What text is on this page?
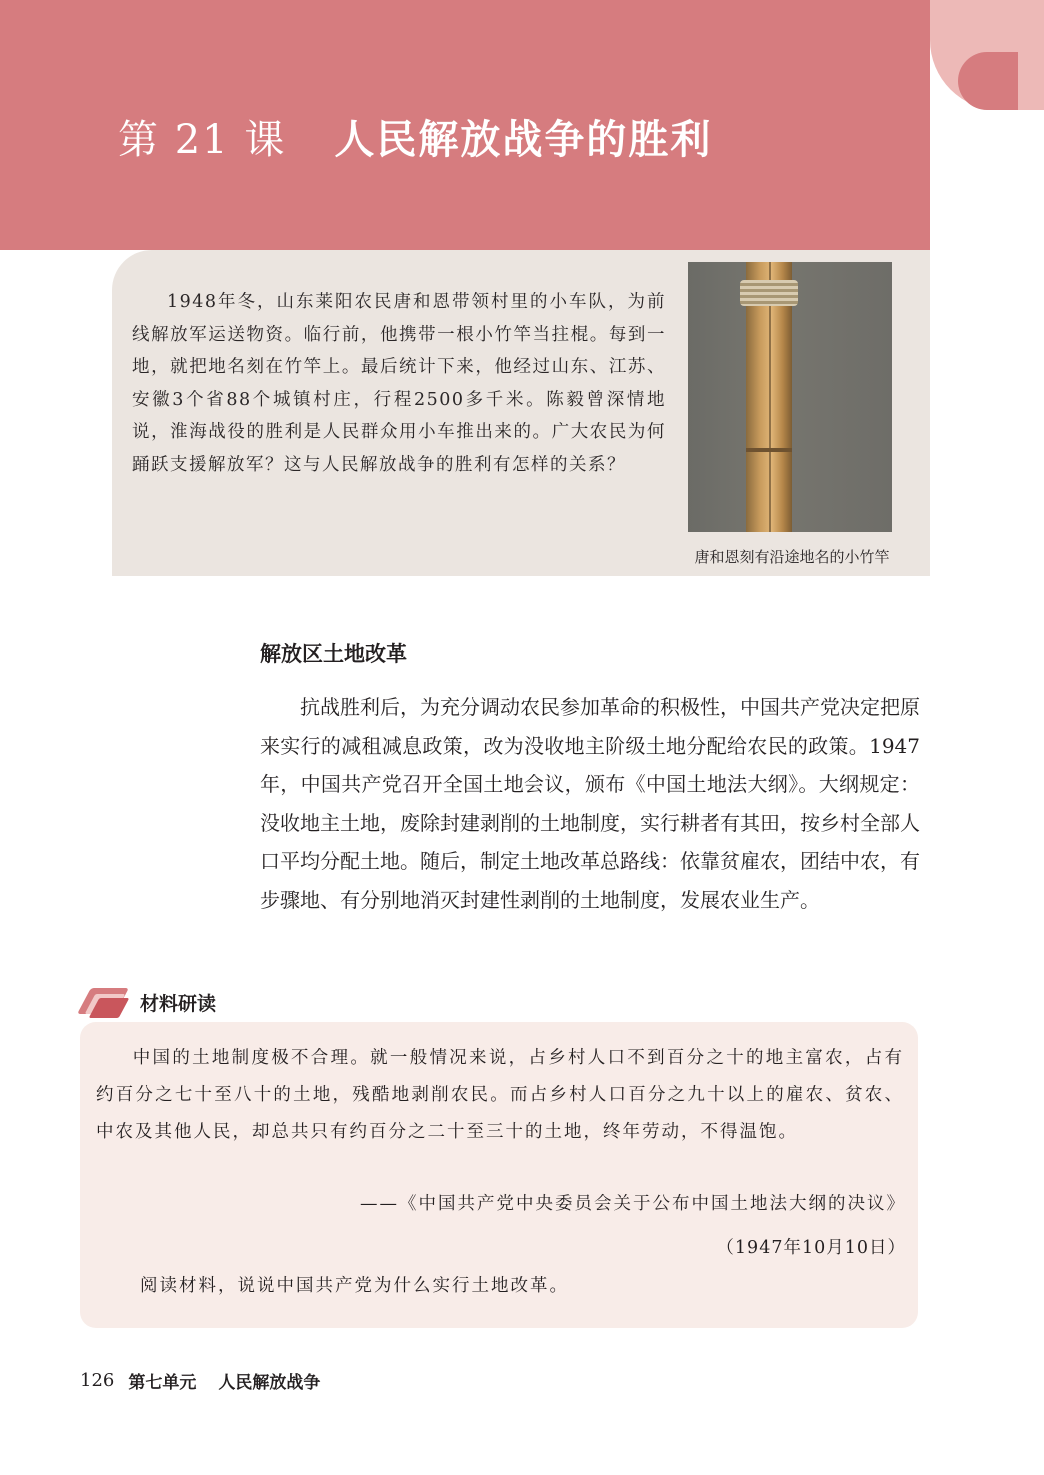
第 21 课 人民解放战争的胜利

1948年冬，山东莱阳农民唐和恩带领村里的小车队，为前线解放军运送物资。临行前，他携带一根小竹竿当拄棍。每到一地，就把地名刻在竹竿上。最后统计下来，他经过山东、江苏、安徽3个省88个城镇村庄，行程2500多千米。陈毅曾深情地说，淮海战役的胜利是人民群众用小车推出来的。广大农民为何踊跃支援解放军？这与人民解放战争的胜利有怎样的关系？

唐和恩刻有沿途地名的小竹竿
解放区土地改革

抗战胜利后，为充分调动农民参加革命的积极性，中国共产党决定把原来实行的减租减息政策，改为没收地主阶级土地分配给农民的政策。1947年，中国共产党召开全国土地会议，颁布《中国土地法大纲》。大纲规定：没收地主土地，废除封建剥削的土地制度，实行耕者有其田，按乡村全部人口平均分配土地。随后，制定土地改革总路线：依靠贫雇农，团结中农，有步骤地、有分别地消灭封建性剥削的土地制度，发展农业生产。

材料研读

中国的土地制度极不合理。就一般情况来说，占乡村人口不到百分之十的地主富农，占有约百分之七十至八十的土地，残酷地剥削农民。而占乡村人口百分之九十以上的雇农、贫农、中农及其他人民，却总共只有约百分之二十至三十的土地，终年劳动，不得温饱。

——《中国共产党中央委员会关于公布中国土地法大纲的决议》
（1947年10月10日）
阅读材料，说说中国共产党为什么实行土地改革。
126 第七单元 人民解放战争
